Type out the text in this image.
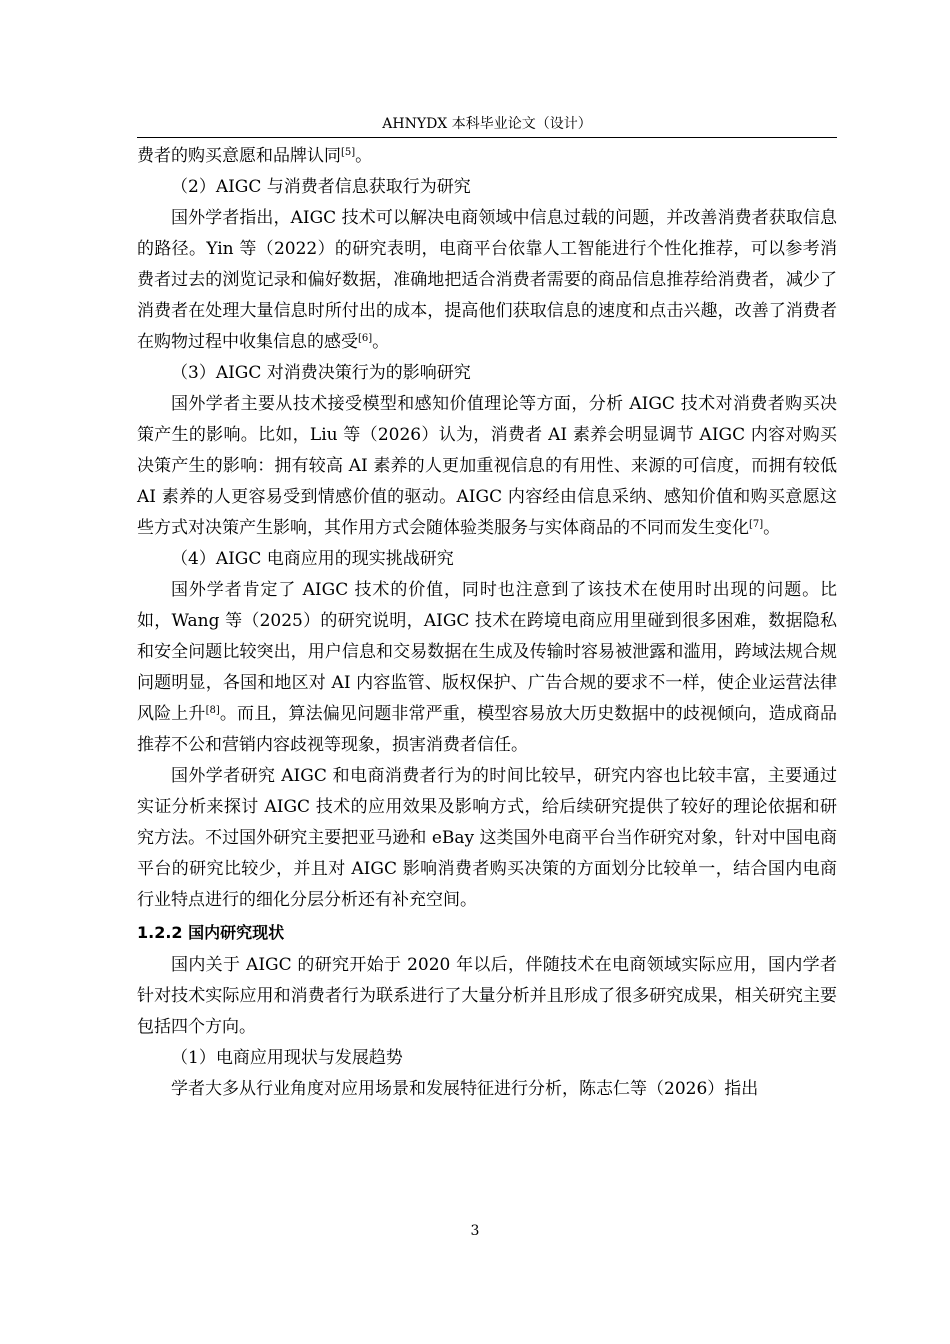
AHNYDX 本科毕业论文（设计）

费者的购买意愿和品牌认同[5]。

（2）AIGC 与消费者信息获取行为研究

国外学者指出，AIGC 技术可以解决电商领域中信息过载的问题，并改善消费者获取信息的路径。Yin 等（2022）的研究表明，电商平台依靠人工智能进行个性化推荐，可以参考消费者过去的浏览记录和偏好数据，准确地把适合消费者需要的商品信息推荐给消费者，减少了消费者在处理大量信息时所付出的成本，提高他们获取信息的速度和点击兴趣，改善了消费者在购物过程中收集信息的感受[6]。

（3）AIGC 对消费决策行为的影响研究

国外学者主要从技术接受模型和感知价值理论等方面，分析 AIGC 技术对消费者购买决策产生的影响。比如，Liu 等（2026）认为，消费者 AI 素养会明显调节 AIGC 内容对购买决策产生的影响：拥有较高 AI 素养的人更加重视信息的有用性、来源的可信度，而拥有较低 AI 素养的人更容易受到情感价值的驱动。AIGC 内容经由信息采纳、感知价值和购买意愿这些方式对决策产生影响，其作用方式会随体验类服务与实体商品的不同而发生变化[7]。

（4）AIGC 电商应用的现实挑战研究

国外学者肯定了 AIGC 技术的价值，同时也注意到了该技术在使用时出现的问题。比如，Wang 等（2025）的研究说明，AIGC 技术在跨境电商应用里碰到很多困难，数据隐私和安全问题比较突出，用户信息和交易数据在生成及传输时容易被泄露和滥用，跨域法规合规问题明显，各国和地区对 AI 内容监管、版权保护、广告合规的要求不一样，使企业运营法律风险上升[8]。而且，算法偏见问题非常严重，模型容易放大历史数据中的歧视倾向，造成商品推荐不公和营销内容歧视等现象，损害消费者信任。

国外学者研究 AIGC 和电商消费者行为的时间比较早，研究内容也比较丰富，主要通过实证分析来探讨 AIGC 技术的应用效果及影响方式，给后续研究提供了较好的理论依据和研究方法。不过国外研究主要把亚马逊和 eBay 这类国外电商平台当作研究对象，针对中国电商平台的研究比较少，并且对 AIGC 影响消费者购买决策的方面划分比较单一，结合国内电商行业特点进行的细化分层分析还有补充空间。

1.2.2 国内研究现状

国内关于 AIGC 的研究开始于 2020 年以后，伴随技术在电商领域实际应用，国内学者针对技术实际应用和消费者行为联系进行了大量分析并且形成了很多研究成果，相关研究主要包括四个方向。

（1）电商应用现状与发展趋势

学者大多从行业角度对应用场景和发展特征进行分析，陈志仁等（2026）指出

3
